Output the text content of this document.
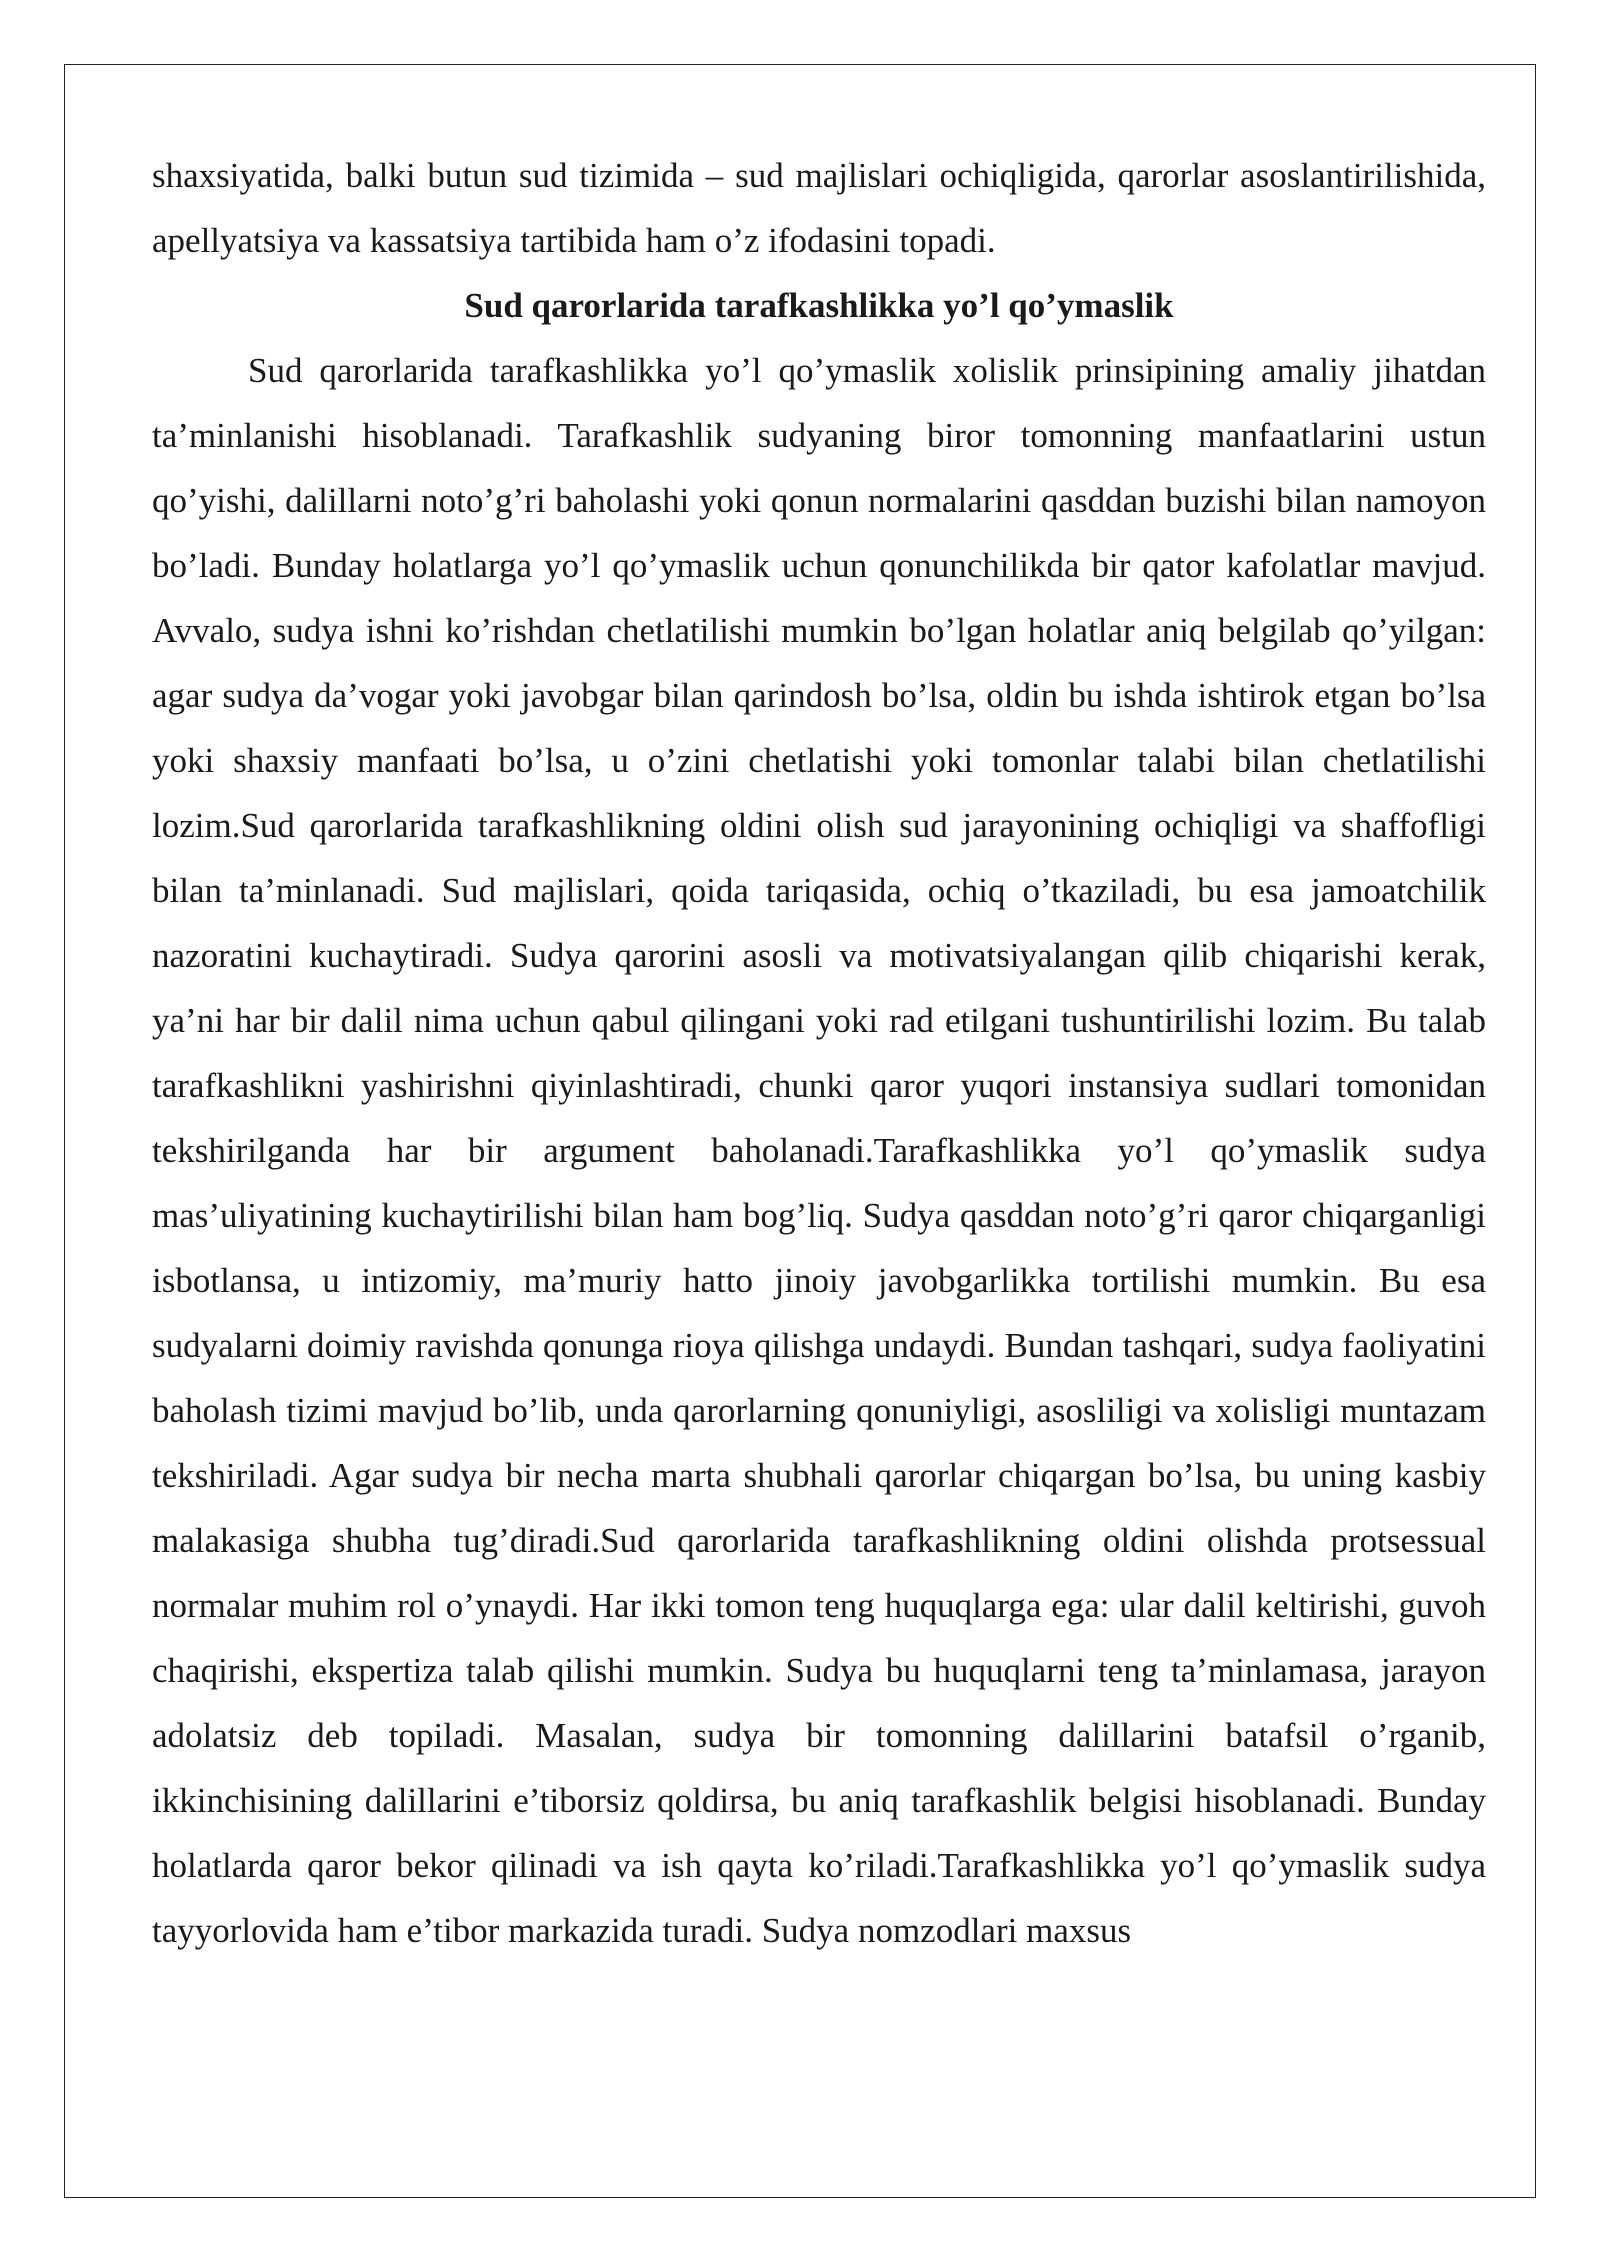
shaxsiyatida, balki butun sud tizimida – sud majlislari ochiqligida, qarorlar asoslantirilishida, apellyatsiya va kassatsiya tartibida ham o’z ifodasini topadi.

Sud qarorlarida tarafkashlikka yo’l qo’ymaslik

Sud qarorlarida tarafkashlikka yo’l qo’ymaslik xolislik prinsipining amaliy jihatdan ta’minlanishi hisoblanadi. Tarafkashlik sudyaning biror tomonning manfaatlarini ustun qo’yishi, dalillarni noto’g’ri baholashi yoki qonun normalarini qasddan buzishi bilan namoyon bo’ladi. Bunday holatlarga yo’l qo’ymaslik uchun qonunchilikda bir qator kafolatlar mavjud. Avvalo, sudya ishni ko’rishdan chetlatilishi mumkin bo’lgan holatlar aniq belgilab qo’yilgan: agar sudya da’vogar yoki javobgar bilan qarindosh bo’lsa, oldin bu ishda ishtirok etgan bo’lsa yoki shaxsiy manfaati bo’lsa, u o’zini chetlatishi yoki tomonlar talabi bilan chetlatilishi lozim.Sud qarorlarida tarafkashlikning oldini olish sud jarayonining ochiqligi va shaffofligi bilan ta’minlanadi. Sud majlislari, qoida tariqasida, ochiq o’tkaziladi, bu esa jamoatchilik nazoratini kuchaytiradi. Sudya qarorini asosli va motivatsiyalangan qilib chiqarishi kerak, ya’ni har bir dalil nima uchun qabul qilingani yoki rad etilgani tushuntirilishi lozim. Bu talab tarafkashlikni yashirishni qiyinlashtiradi, chunki qaror yuqori instansiya sudlari tomonidan tekshirilganda har bir argument baholanadi.Tarafkashlikka yo’l qo’ymaslik sudya mas’uliyatining kuchaytirilishi bilan ham bog’liq. Sudya qasddan noto’g’ri qaror chiqarganligi isbotlansa, u intizomiy, ma’muriy hatto jinoiy javobgarlikka tortilishi mumkin. Bu esa sudyalarni doimiy ravishda qonunga rioya qilishga undaydi. Bundan tashqari, sudya faoliyatini baholash tizimi mavjud bo’lib, unda qarorlarning qonuniyligi, asosliligi va xolisligi muntazam tekshiriladi. Agar sudya bir necha marta shubhali qarorlar chiqargan bo’lsa, bu uning kasbiy malakasiga shubha tug’diradi.Sud qarorlarida tarafkashlikning oldini olishda protsessual normalar muhim rol o’ynaydi. Har ikki tomon teng huquqlarga ega: ular dalil keltirishi, guvoh chaqirishi, ekspertiza talab qilishi mumkin. Sudya bu huquqlarni teng ta’minlamasa, jarayon adolatsiz deb topiladi. Masalan, sudya bir tomonning dalillarini batafsil o’rganib, ikkinchisining dalillarini e’tiborsiz qoldirsa, bu aniq tarafkashlik belgisi hisoblanadi. Bunday holatlarda qaror bekor qilinadi va ish qayta ko’riladi.Tarafkashlikka yo’l qo’ymaslik sudya tayyorlovida ham e’tibor markazida turadi. Sudya nomzodlari maxsus
